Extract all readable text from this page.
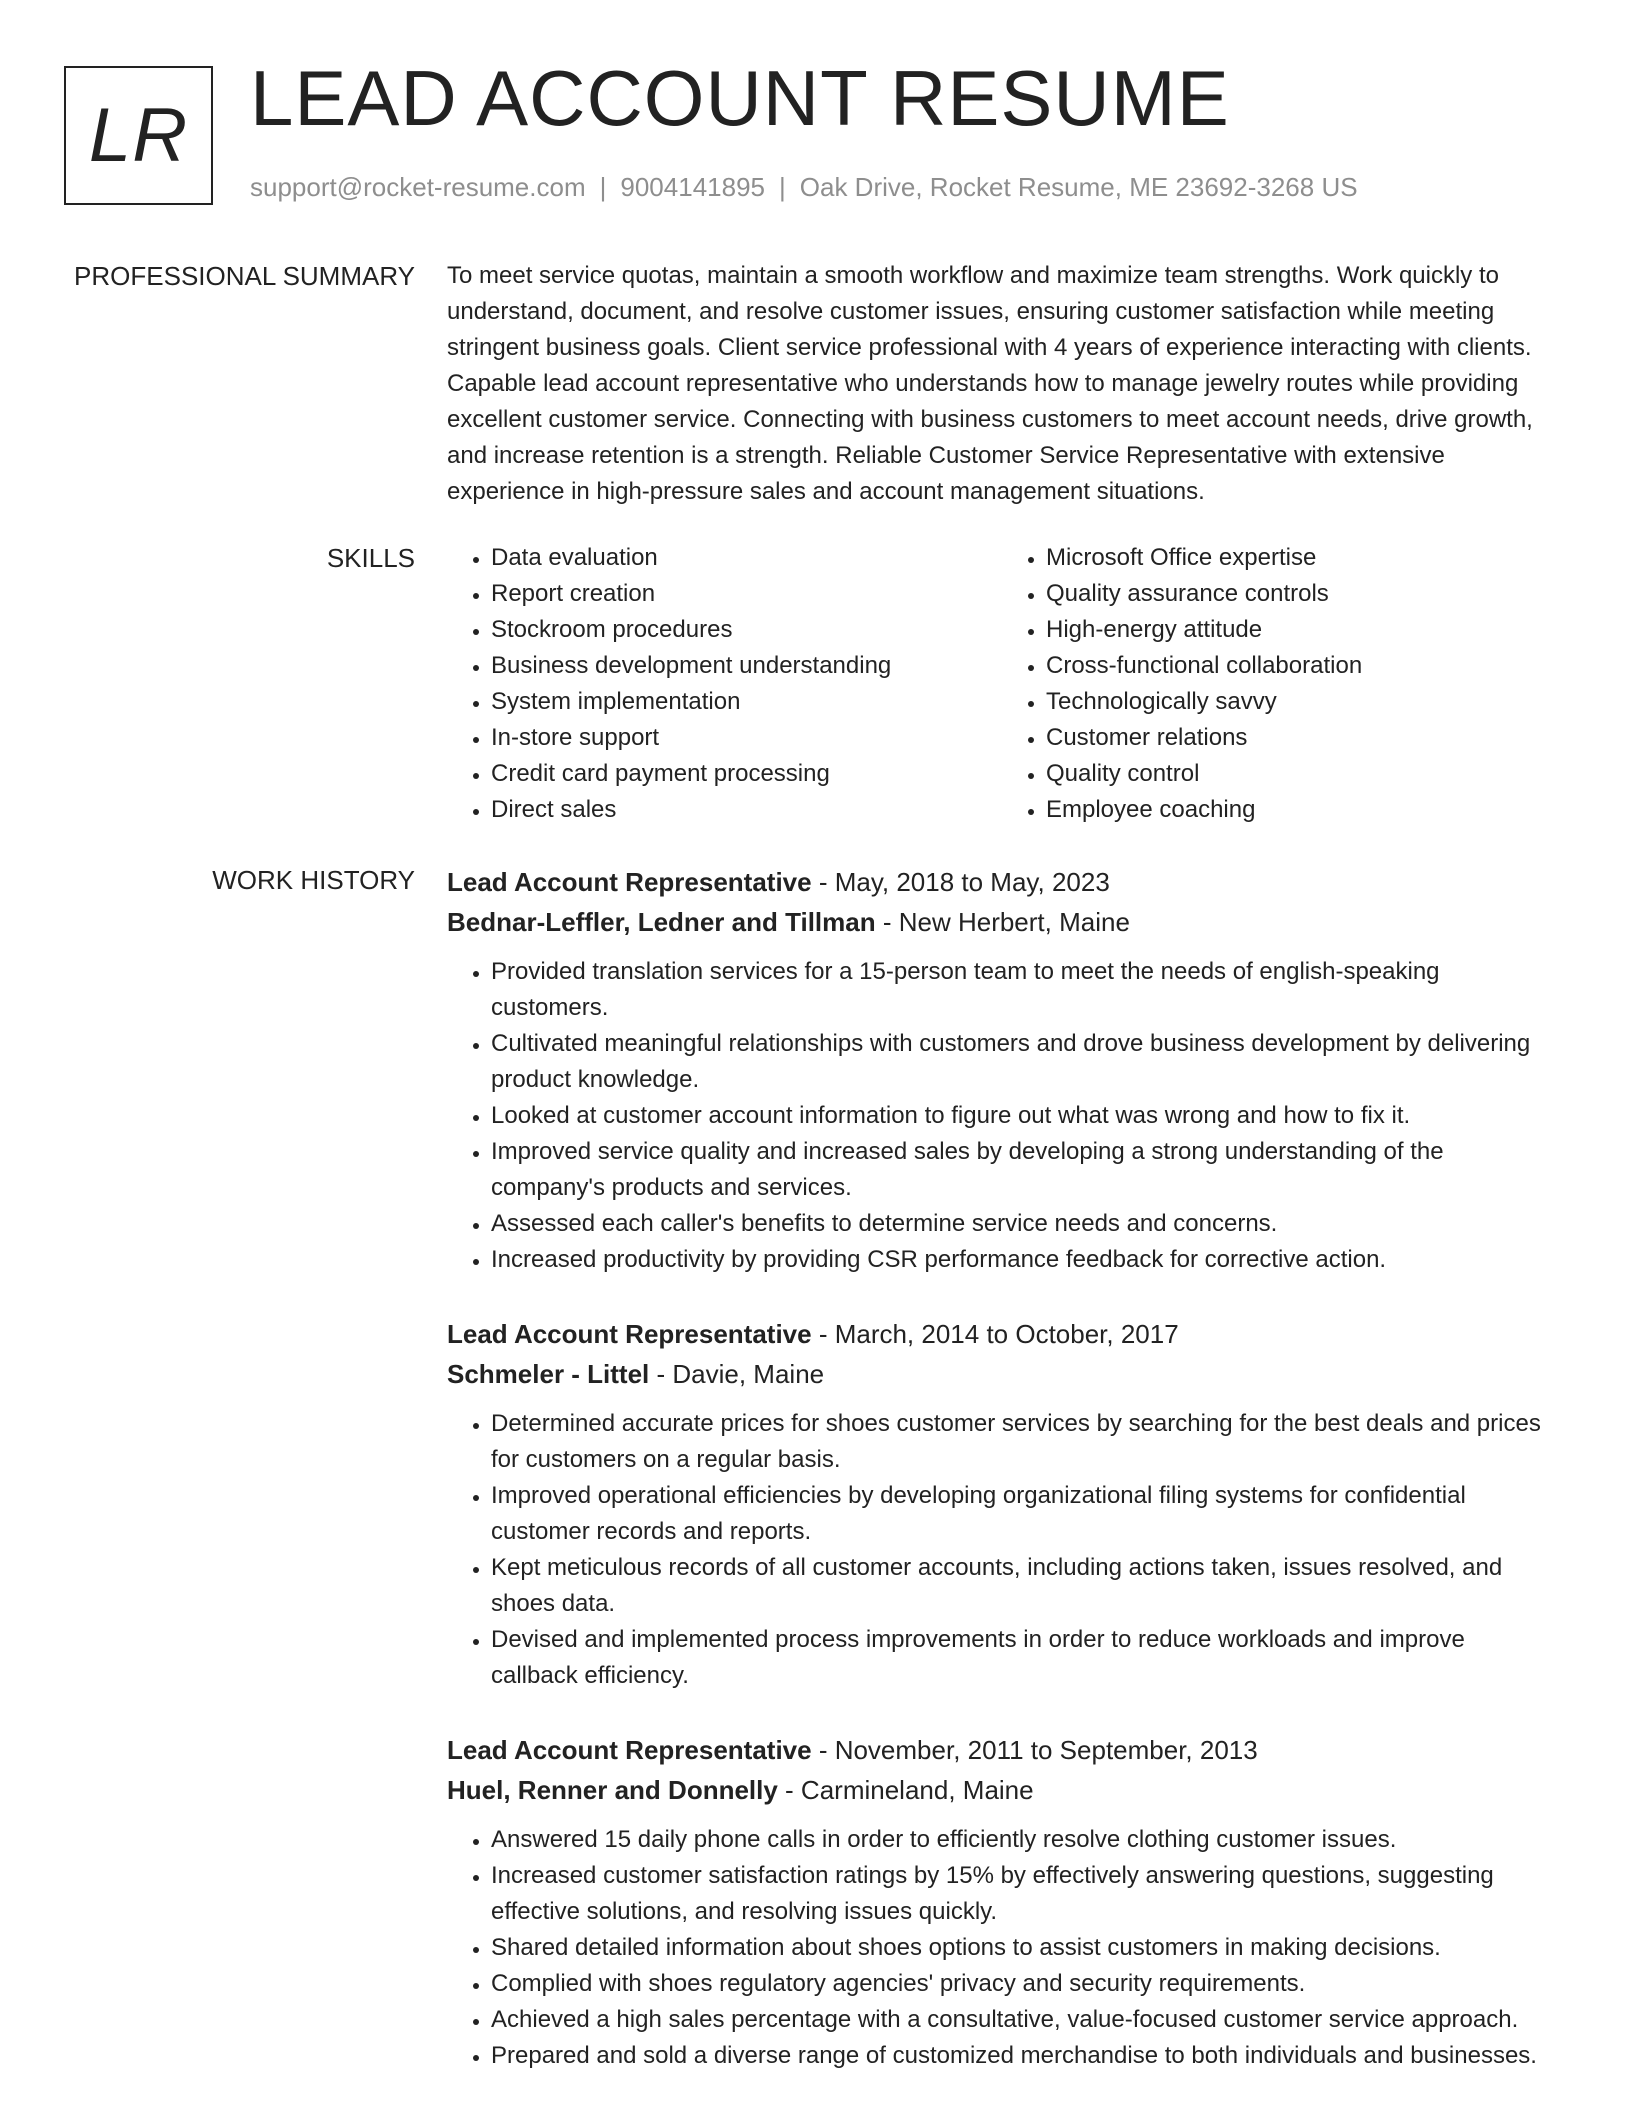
LR LEAD ACCOUNT RESUME
support@rocket-resume.com | 9004141895 | Oak Drive, Rocket Resume, ME 23692-3268 US
PROFESSIONAL SUMMARY To meet service quotas, maintain a smooth workflow and maximize team strengths. Work quickly to understand, document, and resolve customer issues, ensuring customer satisfaction while meeting stringent business goals. Client service professional with 4 years of experience interacting with clients. Capable lead account representative who understands how to manage jewelry routes while providing excellent customer service. Connecting with business customers to meet account needs, drive growth, and increase retention is a strength. Reliable Customer Service Representative with extensive experience in high-pressure sales and account management situations.

SKILLS
•	Data evaluation
• Report creation
• Stockroom procedures
• Business development understanding
• System implementation
• In-store support
• Credit card payment processing
• Direct sales
• Microsoft Office expertise
• Quality assurance controls
• High-energy attitude
• Cross-functional collaboration
• Technologically savvy
• Customer relations
• Quality control
• Employee coaching
WORK HISTORY Lead Account Representative - May, 2018 to May, 2023
Bednar-Leffler, Ledner and Tillman - New Herbert, Maine
• Provided translation services for a 15-person team to meet the needs of english-speaking customers.
• Cultivated meaningful relationships with customers and drove business development by delivering product knowledge.
• Looked at customer account information to figure out what was wrong and how to fix it.
• Improved service quality and increased sales by developing a strong understanding of the company's products and services.
• Assessed each caller's benefits to determine service needs and concerns.
• Increased productivity by providing CSR performance feedback for corrective action.
Lead Account Representative - March, 2014 to October, 2017
Schmeler - Littel - Davie, Maine
• Determined accurate prices for shoes customer services by searching for the best deals and prices for customers on a regular basis.
• Improved operational efficiencies by developing organizational filing systems for confidential customer records and reports.
• Kept meticulous records of all customer accounts, including actions taken, issues resolved, and shoes data.
• Devised and implemented process improvements in order to reduce workloads and improve callback efficiency.
Lead Account Representative - November, 2011 to September, 2013
Huel, Renner and Donnelly - Carmineland, Maine
• Answered 15 daily phone calls in order to efficiently resolve clothing customer issues.
• Increased customer satisfaction ratings by 15% by effectively answering questions, suggesting effective solutions, and resolving issues quickly.
• Shared detailed information about shoes options to assist customers in making decisions.
• Complied with shoes regulatory agencies' privacy and security requirements.
• Achieved a high sales percentage with a consultative, value-focused customer service approach.
• Prepared and sold a diverse range of customized merchandise to both individuals and businesses.
